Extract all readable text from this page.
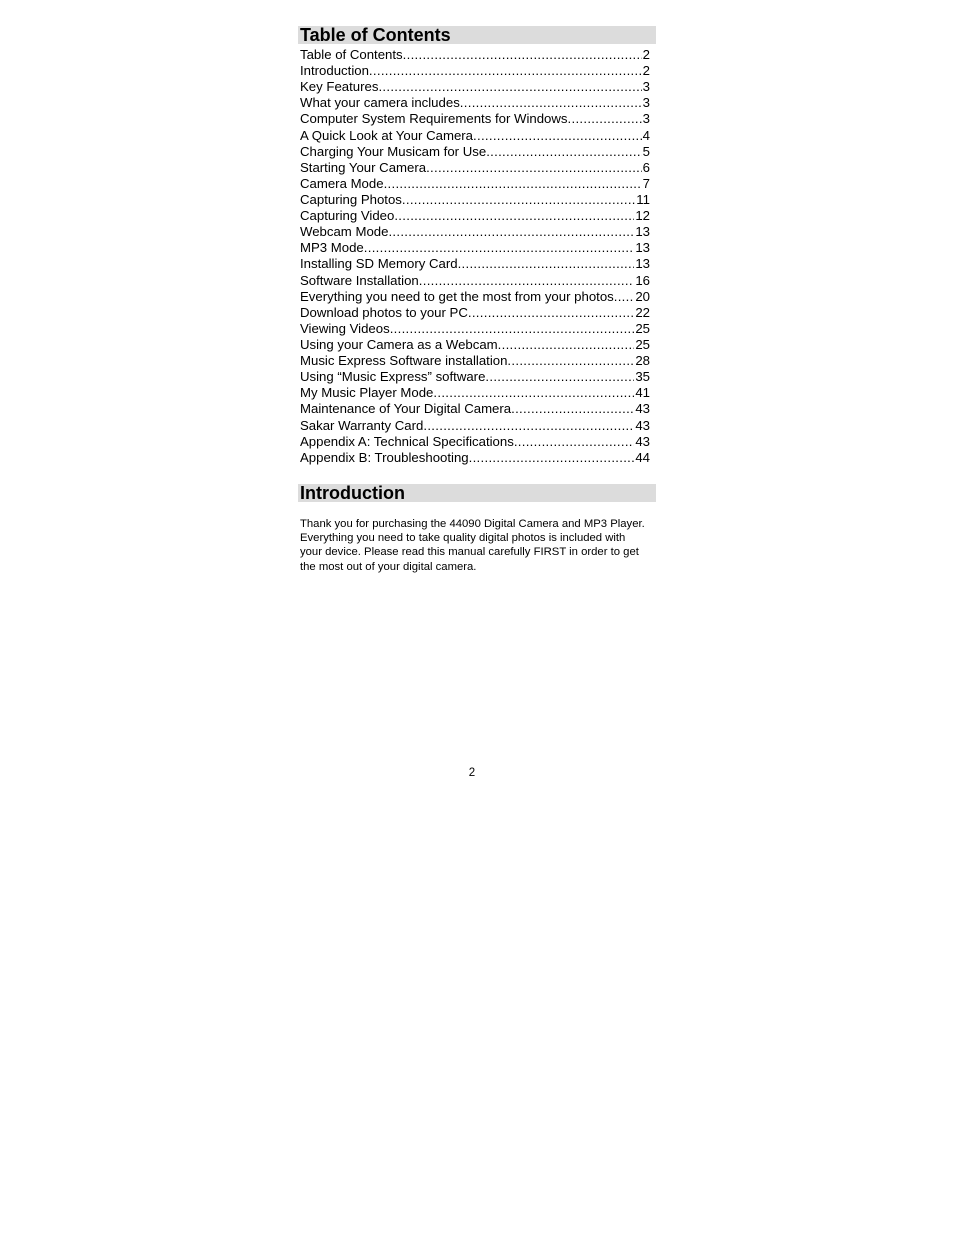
Table of Contents
Table of Contents .....	2
Introduction .....	2
Key Features .....	3
What your camera includes .....	3
Computer System Requirements for Windows .....	3
A Quick Look at Your Camera .....	4
Charging Your Musicam for Use .....	5
Starting Your Camera .....	6
Camera Mode .....	7
Capturing Photos .....	11
Capturing Video .....	12
Webcam Mode .....	13
MP3 Mode .....	13
Installing SD Memory Card .....	13
Software Installation .....	16
Everything you need to get the most from your photos ..... 20
Download photos to your PC .....	22
Viewing Videos .....	25
Using your Camera as a Webcam .....	25
Music Express Software installation .....	28
Using “Music Express” software .....	35
My Music Player Mode .....	41
Maintenance of Your Digital Camera .....	43
Sakar Warranty Card .....	43
Appendix A: Technical Specifications .....	43
Appendix B: Troubleshooting .....	44
Introduction

Thank you for purchasing the 44090 Digital Camera and MP3 Player. Everything you need to take quality digital photos is included with your device. Please read this manual carefully FIRST in order to get the most out of your digital camera.

2
